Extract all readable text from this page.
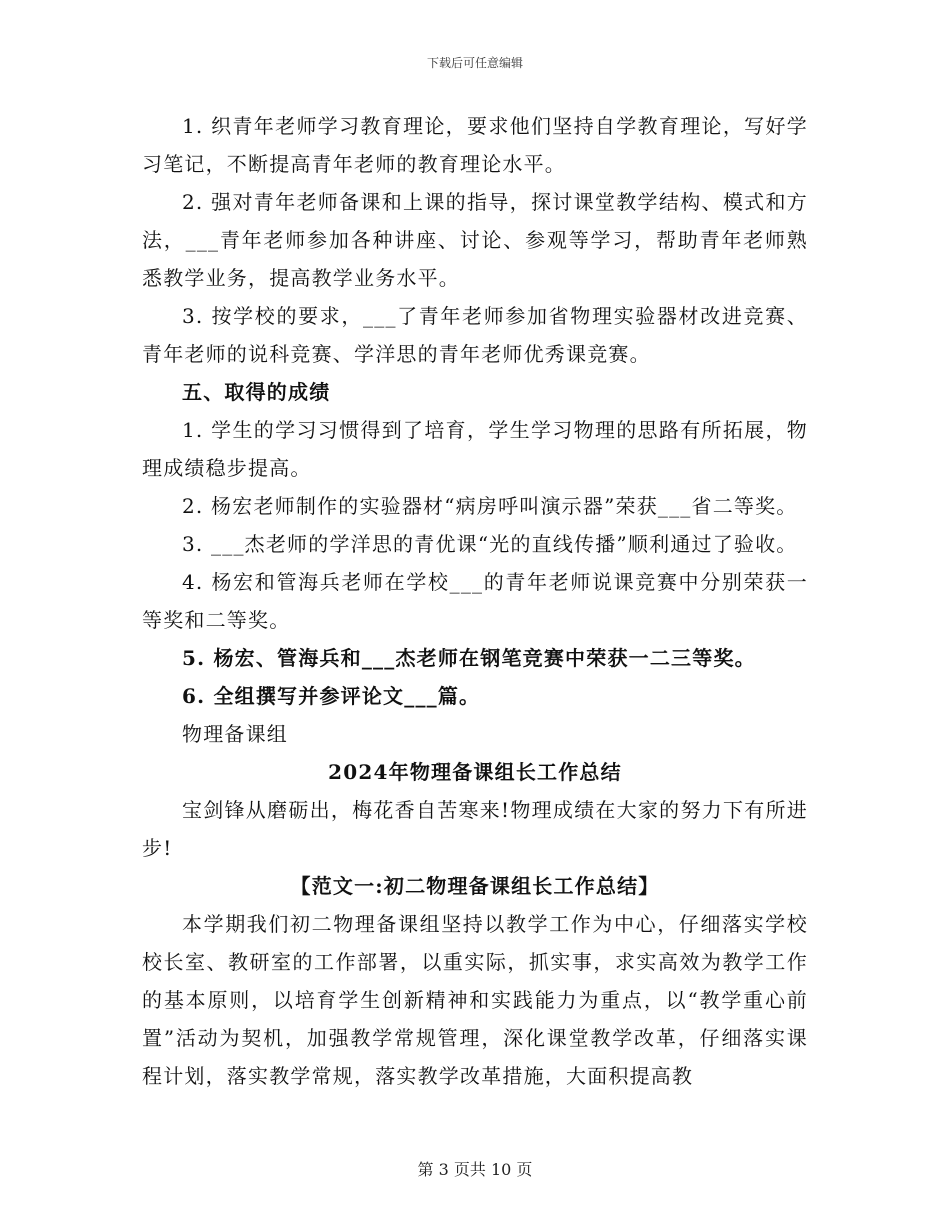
下载后可任意编辑

1. 织青年老师学习教育理论，要求他们坚持自学教育理论，写好学习笔记，不断提高青年老师的教育理论水平。

2. 强对青年老师备课和上课的指导，探讨课堂教学结构、模式和方法，___青年老师参加各种讲座、讨论、参观等学习，帮助青年老师熟悉教学业务，提高教学业务水平。

3. 按学校的要求，___了青年老师参加省物理实验器材改进竞赛、青年老师的说科竞赛、学洋思的青年老师优秀课竞赛。

五、取得的成绩

1. 学生的学习习惯得到了培育，学生学习物理的思路有所拓展，物理成绩稳步提高。

2. 杨宏老师制作的实验器材“病房呼叫演示器”荣获___省二等奖。

3. ___杰老师的学洋思的青优课“光的直线传播”顺利通过了验收。

4. 杨宏和管海兵老师在学校___的青年老师说课竞赛中分别荣获一等奖和二等奖。

5. 杨宏、管海兵和___杰老师在钢笔竞赛中荣获一二三等奖。

6. 全组撰写并参评论文___篇。

物理备课组

2024年物理备课组长工作总结

宝剑锋从磨砺出，梅花香自苦寒来!物理成绩在大家的努力下有所进步!

【范文一:初二物理备课组长工作总结】

本学期我们初二物理备课组坚持以教学工作为中心，仔细落实学校校长室、教研室的工作部署，以重实际，抓实事，求实高效为教学工作的基本原则，以培育学生创新精神和实践能力为重点，以“教学重心前置”活动为契机，加强教学常规管理，深化课堂教学改革，仔细落实课程计划，落实教学常规，落实教学改革措施，大面积提高教

第 3 页共 10 页
